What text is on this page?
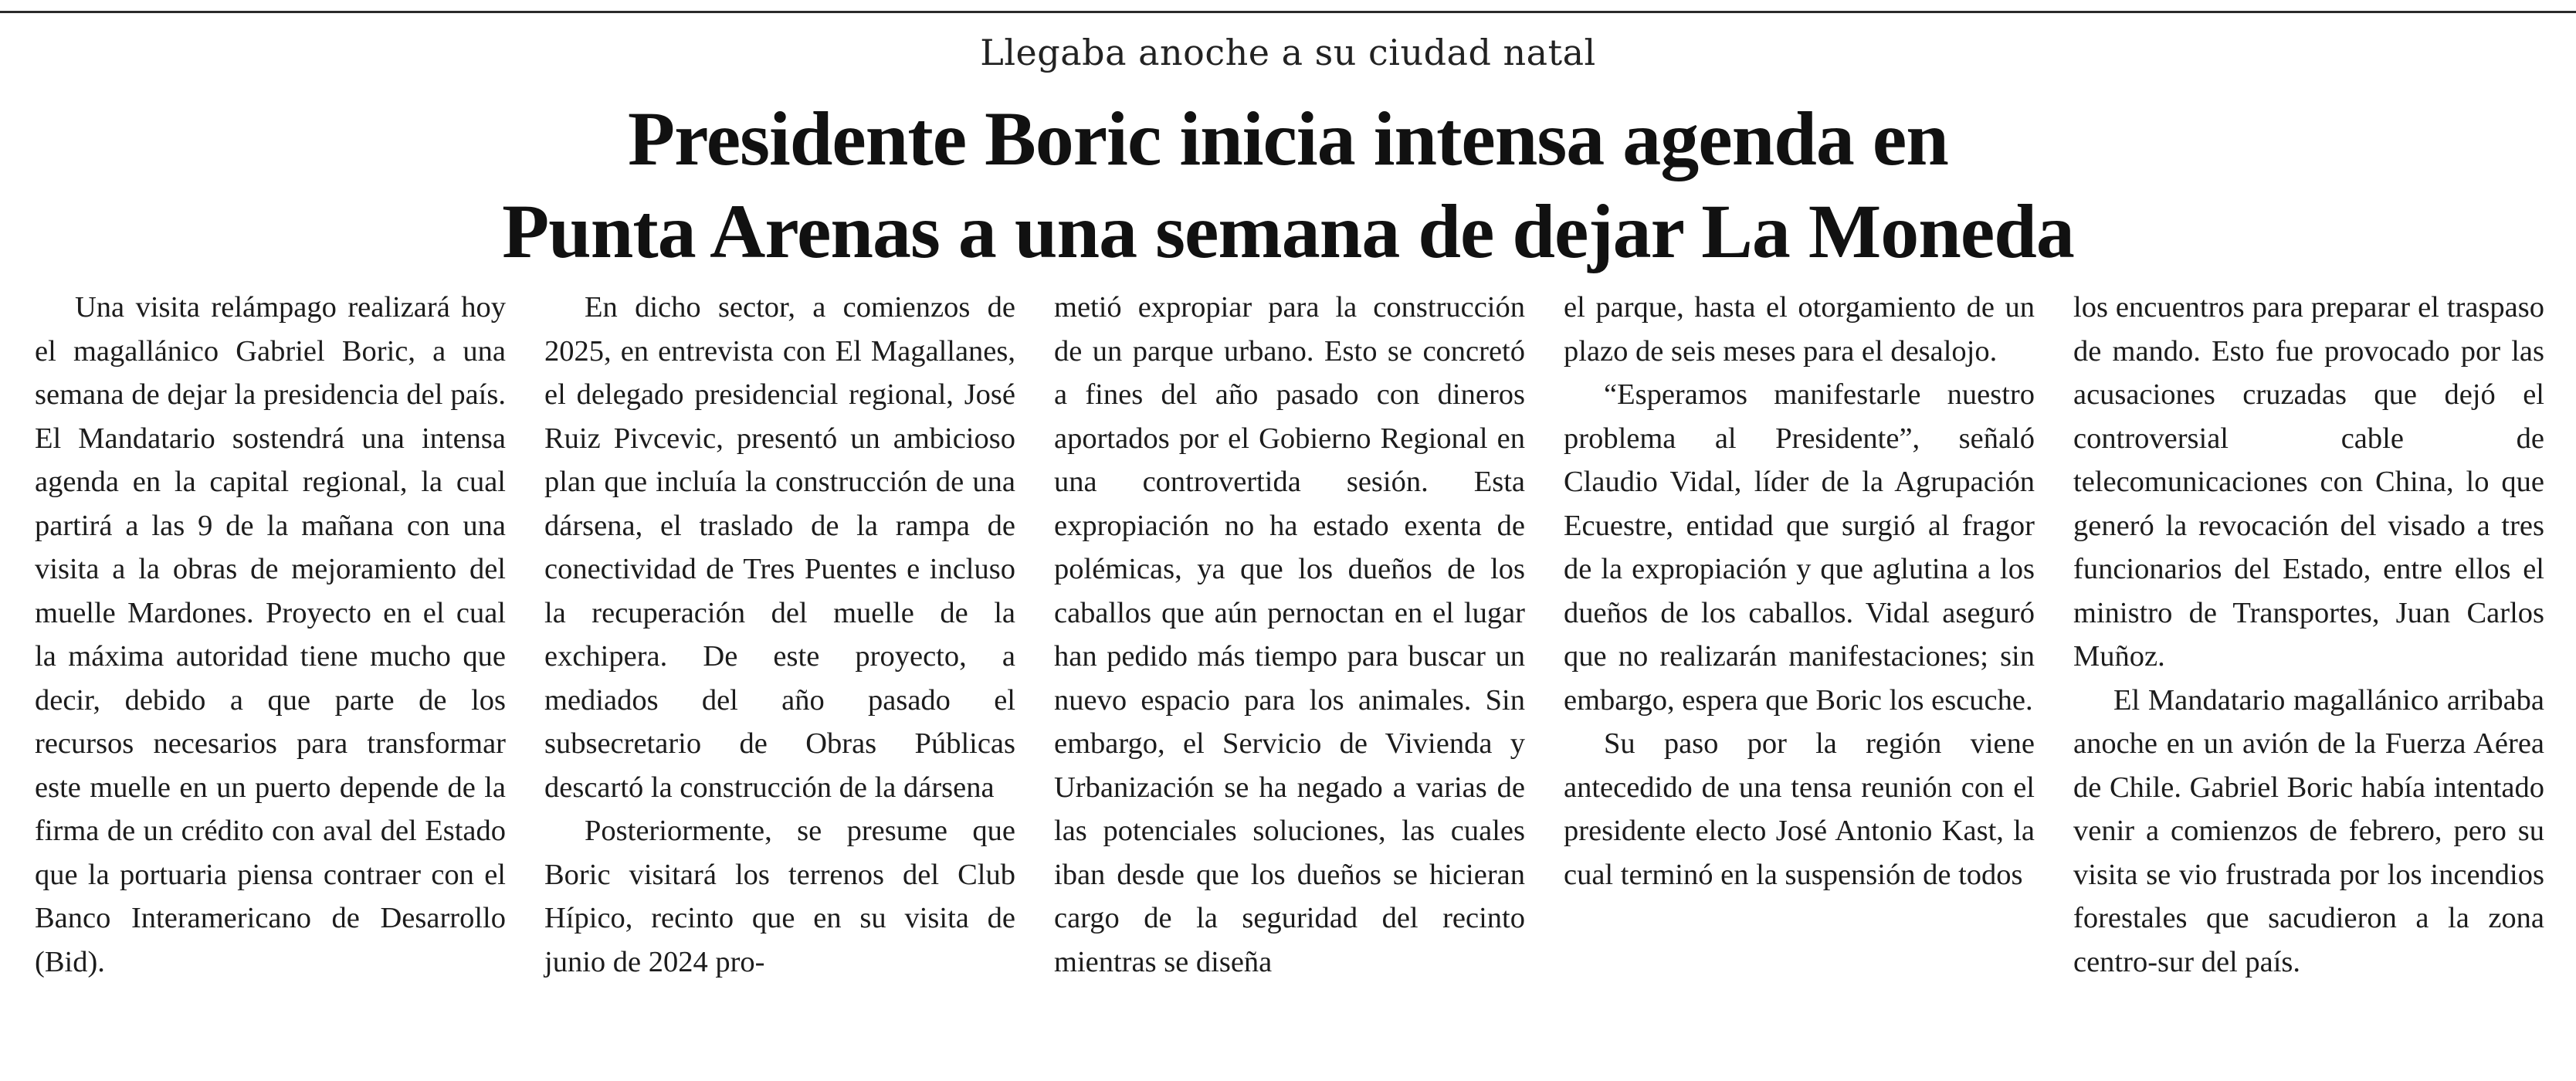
Llegaba anoche a su ciudad natal
Presidente Boric inicia intensa agenda en
Punta Arenas a una semana de dejar La Moneda

Una visita relámpago realizará hoy el magallánico Gabriel Boric, a una semana de dejar la presidencia del país. El Mandatario sostendrá una intensa agenda en la capital regional, la cual partirá a las 9 de la mañana con una visita a la obras de mejoramiento del muelle Mardones. Proyecto en el cual la máxima autoridad tiene mucho que decir, debido a que parte de los recursos necesarios para transformar este muelle en un puerto depende de la firma de un crédito con aval del Estado que la portuaria piensa contraer con el Banco Interamericano de Desarrollo (Bid).

En dicho sector, a comienzos de 2025, en entrevista con El Magallanes, el delegado presidencial regional, José Ruiz Pivcevic, presentó un ambicioso plan que incluía la construcción de una dársena, el traslado de la rampa de conectividad de Tres Puentes e incluso la recuperación del muelle de la exchipera. De este proyecto, a mediados del año pasado el subsecretario de Obras Públicas descartó la construcción de la dársena

Posteriormente, se presume que Boric visitará los terrenos del Club Hípico, recinto que en su visita de junio de 2024 pro-

metió expropiar para la construcción de un parque urbano. Esto se concretó a fines del año pasado con dineros aportados por el Gobierno Regional en una controvertida sesión. Esta expropiación no ha estado exenta de polémicas, ya que los dueños de los caballos que aún pernoctan en el lugar han pedido más tiempo para buscar un nuevo espacio para los animales. Sin embargo, el Servicio de Vivienda y Urbanización se ha negado a varias de las potenciales soluciones, las cuales iban desde que los dueños se hicieran cargo de la seguridad del recinto mientras se diseña

el parque, hasta el otorgamiento de un plazo de seis meses para el desalojo.

“Esperamos manifestarle nuestro problema al Presidente”, señaló Claudio Vidal, líder de la Agrupación Ecuestre, entidad que surgió al fragor de la expropiación y que aglutina a los dueños de los caballos. Vidal aseguró que no realizarán manifestaciones; sin embargo, espera que Boric los escuche.

Su paso por la región viene antecedido de una tensa reunión con el presidente electo José Antonio Kast, la cual terminó en la suspensión de todos

los encuentros para preparar el traspaso de mando. Esto fue provocado por las acusaciones cruzadas que dejó el controversial cable de telecomunicaciones con China, lo que generó la revocación del visado a tres funcionarios del Estado, entre ellos el ministro de Transportes, Juan Carlos Muñoz.

El Mandatario magallánico arribaba anoche en un avión de la Fuerza Aérea de Chile. Gabriel Boric había intentado venir a comienzos de febrero, pero su visita se vio frustrada por los incendios forestales que sacudieron a la zona centro-sur del país.
